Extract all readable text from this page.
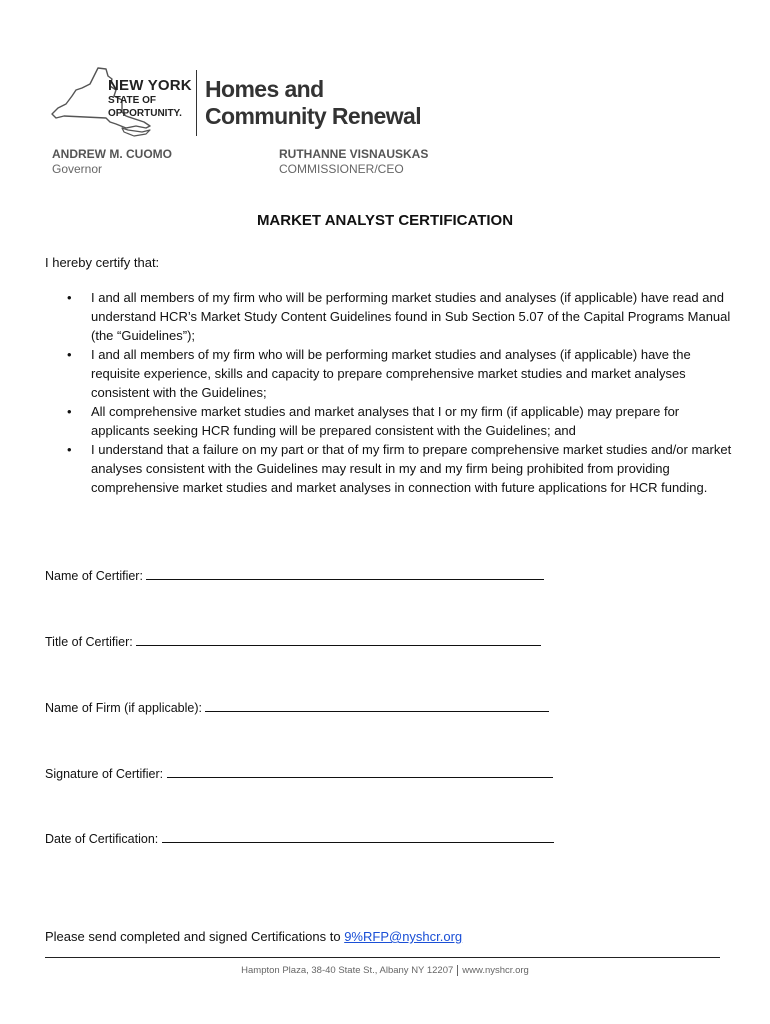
NEW YORK
STATE OF
OPPORTUNITY.
Homes and
Community Renewal
ANDREW M. CUOMO
Governor
RUTHANNE VISNAUSKAS
COMMISSIONER/CEO
MARKET ANALYST CERTIFICATION
I hereby certify that:
• I and all members of my firm who will be performing market studies and analyses (if applicable) have read and understand HCR’s Market Study Content Guidelines found in Sub Section 5.07 of the Capital Programs Manual (the “Guidelines”);
• I and all members of my firm who will be performing market studies and analyses (if applicable) have the requisite experience, skills and capacity to prepare comprehensive market studies and market analyses consistent with the Guidelines;
• All comprehensive market studies and market analyses that I or my firm (if applicable) may prepare for applicants seeking HCR funding will be prepared consistent with the Guidelines; and
• I understand that a failure on my part or that of my firm to prepare comprehensive market studies and/or market analyses consistent with the Guidelines may result in my and my firm being prohibited from providing comprehensive market studies and market analyses in connection with future applications for HCR funding.
Name of Certifier:
Title of Certifier:
Name of Firm (if applicable):
Signature of Certifier:
Date of Certification:
Please send completed and signed Certifications to 9%RFP@nyshcr.org
Hampton Plaza, 38-40 State St., Albany NY 12207 www.nyshcr.org
